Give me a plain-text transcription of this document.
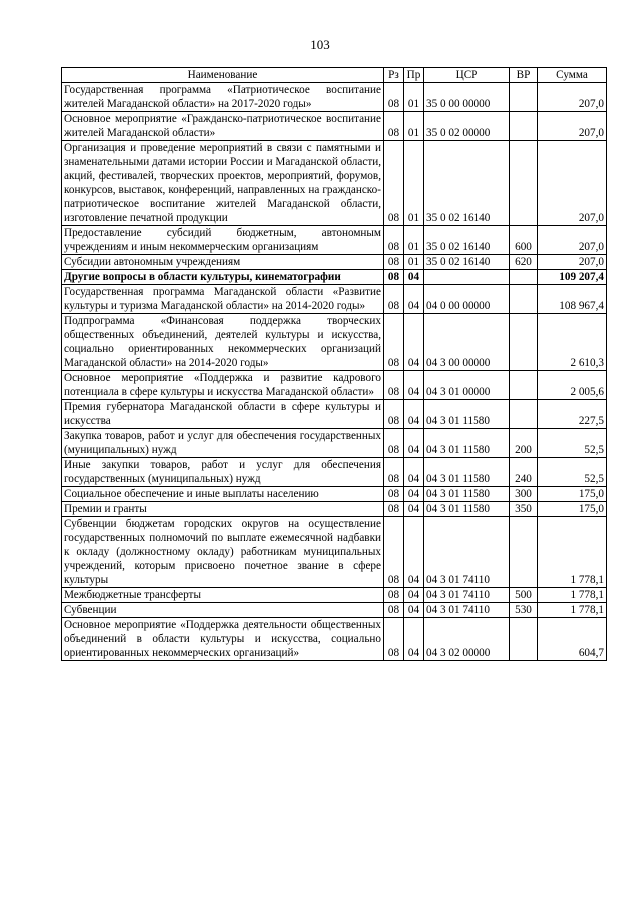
103
Наименование	Рз	Пр	ЦСР	ВР	Сумма
Государственная программа «Патриотическое воспитание жителей Магаданской области» на 2017-2020 годы»	08	01	35 0 00 00000		207,0
Основное мероприятие «Гражданско-патриотическое воспитание жителей Магаданской области»	08	01	35 0 02 00000		207,0
Организация и проведение мероприятий в связи с памятными и знаменательными датами истории России и Магаданской области, акций, фестивалей, творческих проектов, мероприятий, форумов, конкурсов, выставок, конференций, направленных на гражданско-патриотическое воспитание жителей Магаданской области, изготовление печатной продукции	08	01	35 0 02 16140		207,0
Предоставление субсидий бюджетным, автономным учреждениям и иным некоммерческим организациям	08	01	35 0 02 16140	600	207,0
Субсидии автономным учреждениям	08	01	35 0 02 16140	620	207,0
Другие вопросы в области культуры, кинематографии	08	04			109 207,4
Государственная программа Магаданской области «Развитие культуры и туризма Магаданской области» на 2014-2020 годы»	08	04	04 0 00 00000		108 967,4
Подпрограмма «Финансовая поддержка творческих общественных объединений, деятелей культуры и искусства, социально ориентированных некоммерческих организаций Магаданской области» на 2014-2020 годы»	08	04	04 3 00 00000		2 610,3
Основное мероприятие «Поддержка и развитие кадрового потенциала в сфере культуры и искусства Магаданской области»	08	04	04 3 01 00000		2 005,6
Премия губернатора Магаданской области в сфере культуры и искусства	08	04	04 3 01 11580		227,5
Закупка товаров, работ и услуг для обеспечения государственных (муниципальных) нужд	08	04	04 3 01 11580	200	52,5
Иные закупки товаров, работ и услуг для обеспечения государственных (муниципальных) нужд	08	04	04 3 01 11580	240	52,5
Социальное обеспечение и иные выплаты населению	08	04	04 3 01 11580	300	175,0
Премии и гранты	08	04	04 3 01 11580	350	175,0
Субвенции бюджетам городских округов на осуществление государственных полномочий по выплате ежемесячной надбавки к окладу (должностному окладу) работникам муниципальных учреждений, которым присвоено почетное звание в сфере культуры	08	04	04 3 01 74110		1 778,1
Межбюджетные трансферты	08	04	04 3 01 74110	500	1 778,1
Субвенции	08	04	04 3 01 74110	530	1 778,1
Основное мероприятие «Поддержка деятельности общественных объединений в области культуры и искусства, социально ориентированных некоммерческих организаций»	08	04	04 3 02 00000		604,7
